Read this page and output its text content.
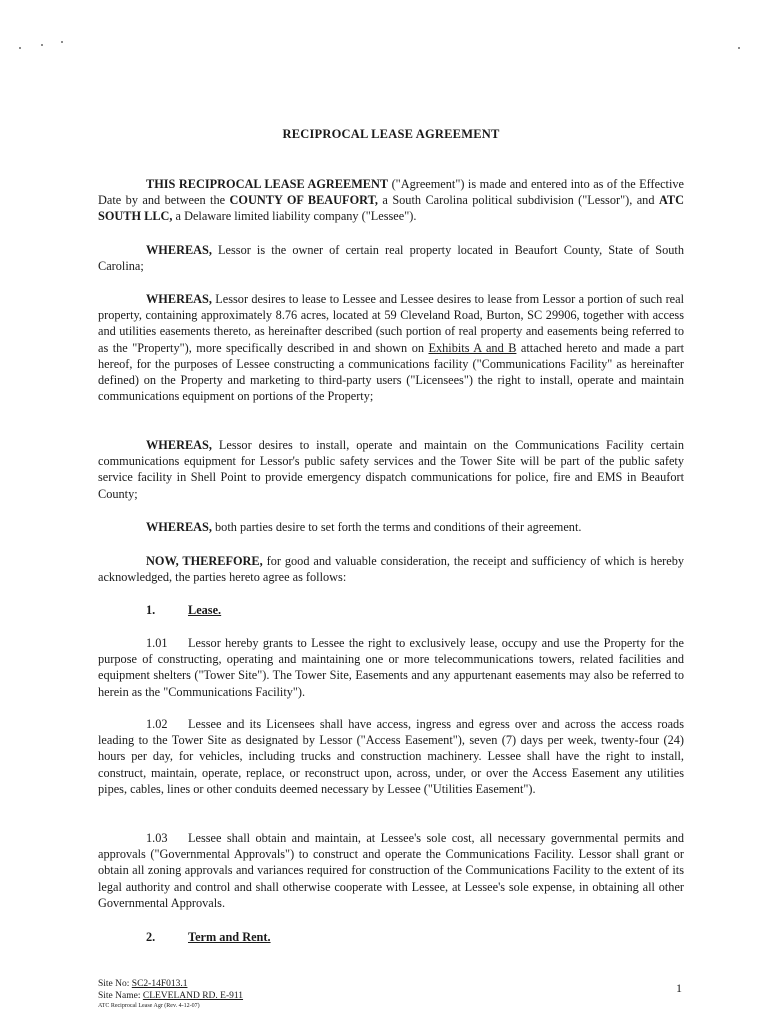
RECIPROCAL LEASE AGREEMENT

THIS RECIPROCAL LEASE AGREEMENT ("Agreement") is made and entered into as of the Effective Date by and between the COUNTY OF BEAUFORT, a South Carolina political subdivision ("Lessor"), and ATC SOUTH LLC, a Delaware limited liability company ("Lessee").

WHEREAS, Lessor is the owner of certain real property located in Beaufort County, State of South Carolina;

WHEREAS, Lessor desires to lease to Lessee and Lessee desires to lease from Lessor a portion of such real property, containing approximately 8.76 acres, located at 59 Cleveland Road, Burton, SC 29906, together with access and utilities easements thereto, as hereinafter described (such portion of real property and easements being referred to as the "Property"), more specifically described in and shown on Exhibits A and B attached hereto and made a part hereof, for the purposes of Lessee constructing a communications facility ("Communications Facility" as hereinafter defined) on the Property and marketing to third-party users ("Licensees") the right to install, operate and maintain communications equipment on portions of the Property;

WHEREAS, Lessor desires to install, operate and maintain on the Communications Facility certain communications equipment for Lessor's public safety services and the Tower Site will be part of the public safety service facility in Shell Point to provide emergency dispatch communications for police, fire and EMS in Beaufort County;

WHEREAS, both parties desire to set forth the terms and conditions of their agreement.

NOW, THEREFORE, for good and valuable consideration, the receipt and sufficiency of which is hereby acknowledged, the parties hereto agree as follows:

1.	Lease.

1.01 Lessor hereby grants to Lessee the right to exclusively lease, occupy and use the Property for the purpose of constructing, operating and maintaining one or more telecommunications towers, related facilities and equipment shelters ("Tower Site"). The Tower Site, Easements and any appurtenant easements may also be referred to herein as the "Communications Facility").

1.02 Lessee and its Licensees shall have access, ingress and egress over and across the access roads leading to the Tower Site as designated by Lessor ("Access Easement"), seven (7) days per week, twenty-four (24) hours per day, for vehicles, including trucks and construction machinery. Lessee shall have the right to install, construct, maintain, operate, replace, or reconstruct upon, across, under, or over the Access Easement any utilities pipes, cables, lines or other conduits deemed necessary by Lessee ("Utilities Easement").

1.03 Lessee shall obtain and maintain, at Lessee's sole cost, all necessary governmental permits and approvals ("Governmental Approvals") to construct and operate the Communications Facility. Lessor shall grant or obtain all zoning approvals and variances required for construction of the Communications Facility to the extent of its legal authority and control and shall otherwise cooperate with Lessee, at Lessee's sole expense, in obtaining all other Governmental Approvals.

2.	Term and Rent.

Site No: SC2-14F013.1
Site Name: CLEVELAND RD. E-911
ATC Reciprocal Lease Agr (Rev. 4-12-07)
1
